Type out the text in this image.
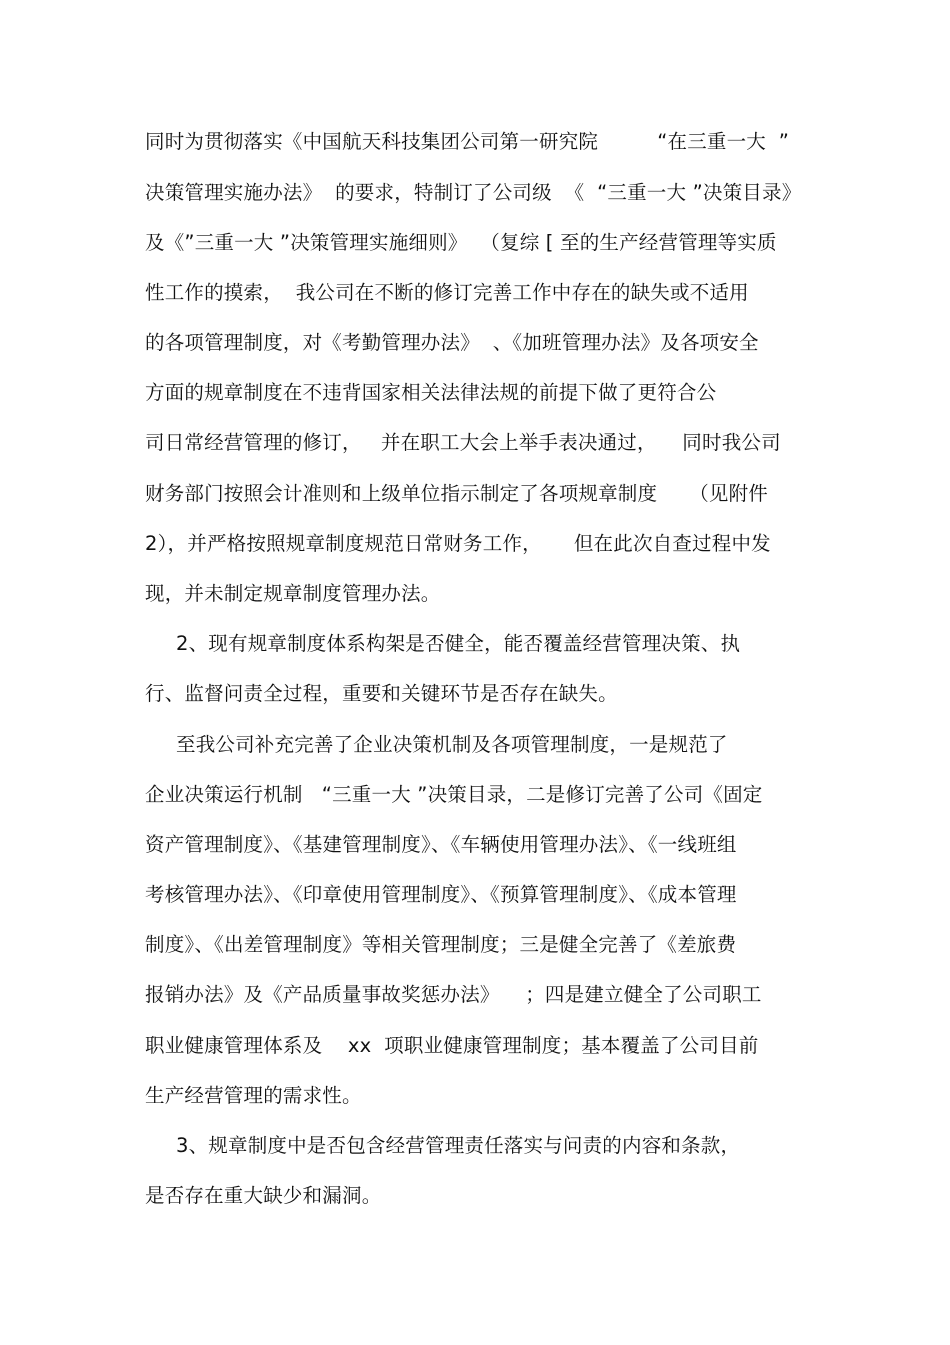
同时为贯彻落实《中国航天科技集团公司第一研究院　　　“在三重一大  ”
决策管理实施办法》  的要求，特制订了公司级  《  “三重一大 ”决策目录》
及《”三重一大 ”决策管理实施细则》  （复综 [ 至的生产经营管理等实质
性工作的摸索，  我公司在不断的修订完善工作中存在的缺失或不适用
的各项管理制度，对《考勤管理办法》  、《加班管理办法》及各项安全
方面的规章制度在不违背国家相关法律法规的前提下做了更符合公
司日常经营管理的修订，   并在职工大会上举手表决通过，    同时我公司
财务部门按照会计准则和上级单位指示制定了各项规章制度     （见附件
2），并严格按照规章制度规范日常财务工作，     但在此次自查过程中发
现，并未制定规章制度管理办法。
2、现有规章制度体系构架是否健全，能否覆盖经营管理决策、执
行、监督问责全过程，重要和关键环节是否存在缺失。
至我公司补充完善了企业决策机制及各项管理制度，一是规范了
企业决策运行机制   “三重一大 ”决策目录，二是修订完善了公司《固定
资产管理制度》、《基建管理制度》、《车辆使用管理办法》、《一线班组
考核管理办法》、《印章使用管理制度》、《预算管理制度》、《成本管理
制度》、《出差管理制度》等相关管理制度；三是健全完善了《差旅费
报销办法》及《产品质量事故奖惩办法》    ；四是建立健全了公司职工
职业健康管理体系及    xx  项职业健康管理制度；基本覆盖了公司目前
生产经营管理的需求性。
3、规章制度中是否包含经营管理责任落实与问责的内容和条款，
是否存在重大缺少和漏洞。
